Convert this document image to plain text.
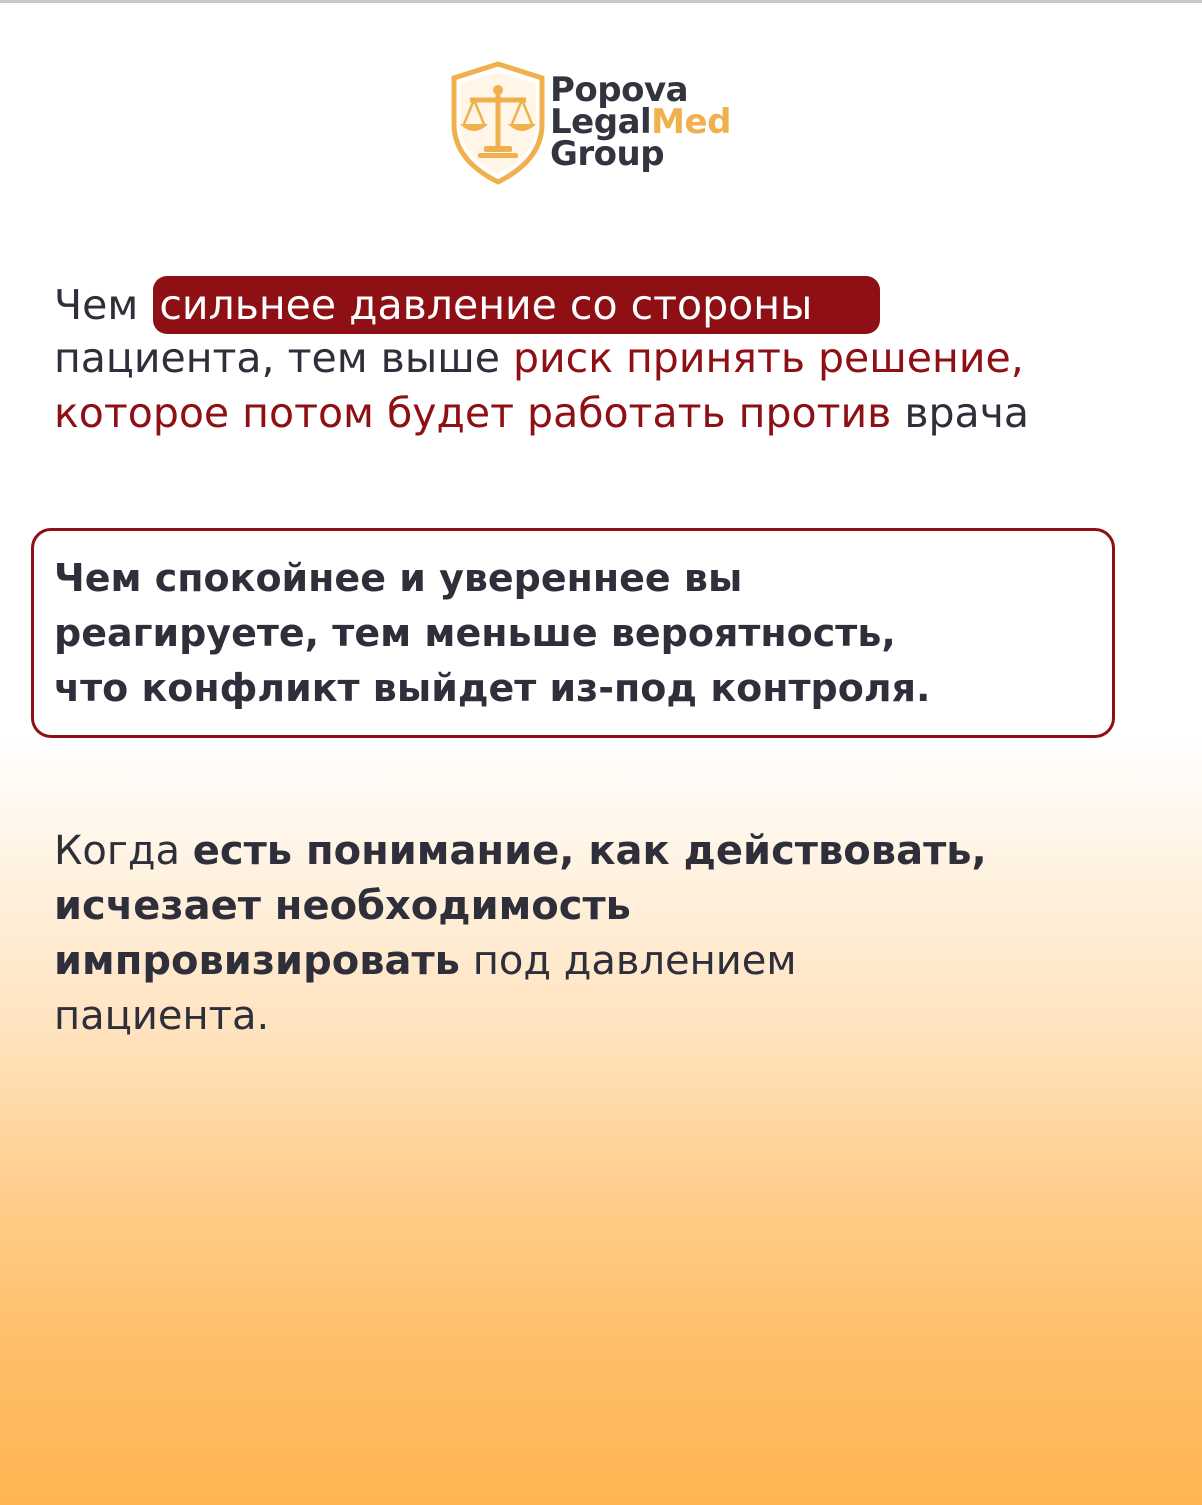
Popova
LegalMed
Group
Чем сильнее давление со стороны
пациента, тем выше риск принять решение,
которое потом будет работать против врача
Чем спокойнее и увереннее вы
реагируете, тем меньше вероятность,
что конфликт выйдет из-под контроля.
Когда есть понимание, как действовать,
исчезает необходимость
импровизировать под давлением
пациента.
